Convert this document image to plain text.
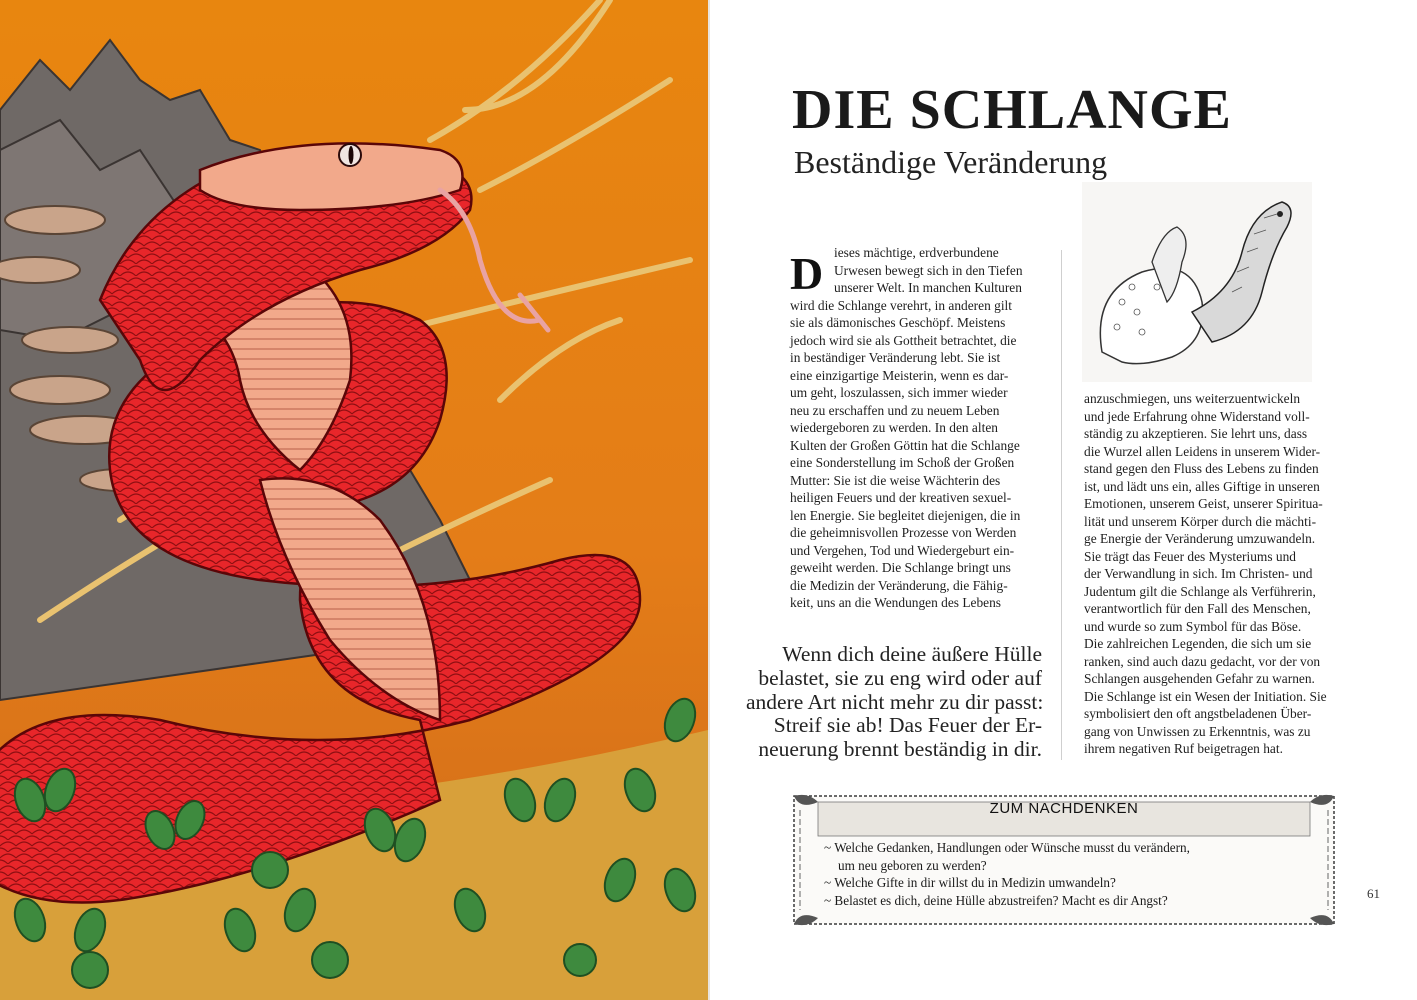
DIE SCHLANGE
Beständige Veränderung
D ieses mächtige, erdverbundene
Urwesen bewegt sich in den Tiefen
unserer Welt. In manchen Kulturen
wird die Schlange verehrt, in anderen gilt
sie als dämonisches Geschöpf. Meistens
jedoch wird sie als Gottheit betrachtet, die
in beständiger Veränderung lebt. Sie ist
eine einzigartige Meisterin, wenn es dar-
um geht, loszulassen, sich immer wieder
neu zu erschaffen und zu neuem Leben
wiedergeboren zu werden. In den alten
Kulten der Großen Göttin hat die Schlange
eine Sonderstellung im Schoß der Großen
Mutter: Sie ist die weise Wächterin des
heiligen Feuers und der kreativen sexuel-
len Energie. Sie begleitet diejenigen, die in
die geheimnisvollen Prozesse von Werden
und Vergehen, Tod und Wiedergeburt ein-
geweiht werden. Die Schlange bringt uns
die Medizin der Veränderung, die Fähig-
keit, uns an die Wendungen des Lebens
anzuschmiegen, uns weiterzuentwickeln
und jede Erfahrung ohne Widerstand voll-
ständig zu akzeptieren. Sie lehrt uns, dass
die Wurzel allen Leidens in unserem Wider-
stand gegen den Fluss des Lebens zu finden
ist, und lädt uns ein, alles Giftige in unseren
Emotionen, unserem Geist, unserer Spiritua-
lität und unserem Körper durch die mächti-
ge Energie der Veränderung umzuwandeln.
Sie trägt das Feuer des Mysteriums und
der Verwandlung in sich. Im Christen- und
Judentum gilt die Schlange als Verführerin,
verantwortlich für den Fall des Menschen,
und wurde so zum Symbol für das Böse.
Die zahlreichen Legenden, die sich um sie
ranken, sind auch dazu gedacht, vor der von
Schlangen ausgehenden Gefahr zu warnen.
Die Schlange ist ein Wesen der Initiation. Sie
symbolisiert den oft angstbeladenen Über-
gang von Unwissen zu Erkenntnis, was zu
ihrem negativen Ruf beigetragen hat.
Wenn dich deine äußere Hülle
belastet, sie zu eng wird oder auf
andere Art nicht mehr zu dir passt:
Streif sie ab! Das Feuer der Er-
neuerung brennt beständig in dir.
ZUM NACHDENKEN
~ Welche Gedanken, Handlungen oder Wünsche musst du verändern,
um neu geboren zu werden?
~ Welche Gifte in dir willst du in Medizin umwandeln?
~ Belastet es dich, deine Hülle abzustreifen? Macht es dir Angst?	61
